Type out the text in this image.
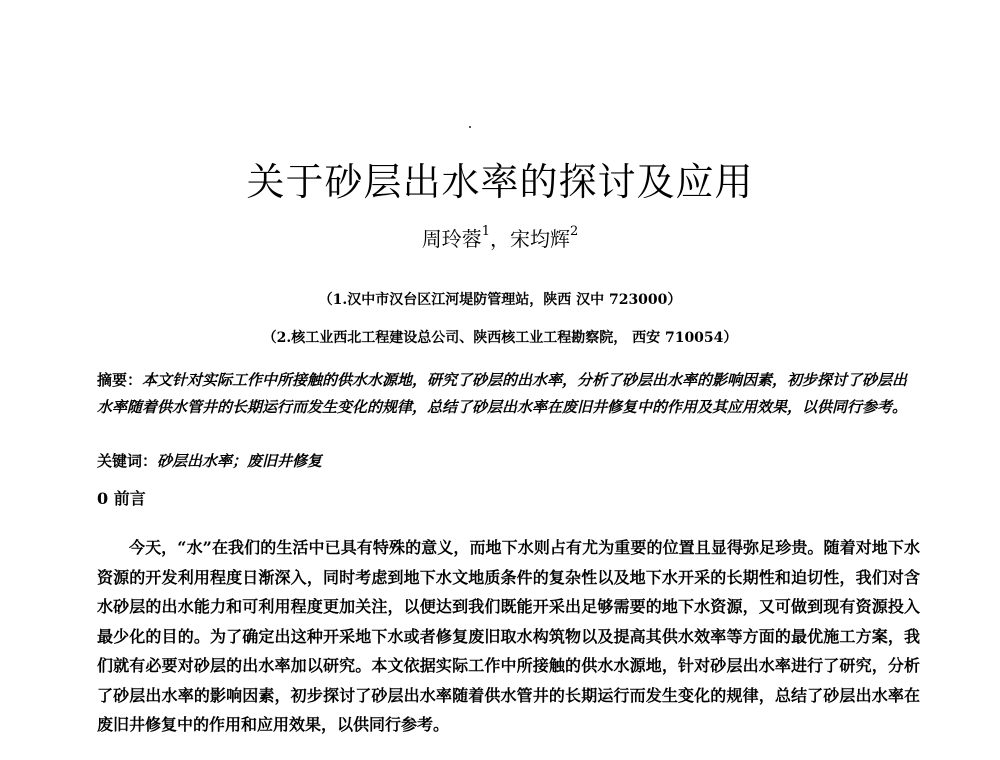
关于砂层出水率的探讨及应用
周玲蓉$^1$，宋均辉$^2$
（1.汉中市汉台区江河堤防管理站，陕西 汉中 723000）
（2.核工业西北工程建设总公司、陕西核工业工程勘察院， 西安 710054）
摘要：本文针对实际工作中所接触的供水水源地，研究了砂层的出水率，分析了砂层出水率的影响因素，初步探讨了砂层出水率随着供水管井的长期运行而发生变化的规律，总结了砂层出水率在废旧井修复中的作用及其应用效果，以供同行参考。
关键词：砂层出水率；废旧井修复
0 前言

今天，“水”在我们的生活中已具有特殊的意义，而地下水则占有尤为重要的位置且显得弥足珍贵。随着对地下水资源的开发利用程度日渐深入，同时考虑到地下水文地质条件的复杂性以及地下水开采的长期性和迫切性，我们对含水砂层的出水能力和可利用程度更加关注，以便达到我们既能开采出足够需要的地下水资源，又可做到现有资源投入最少化的目的。为了确定出这种开采地下水或者修复废旧取水构筑物以及提高其供水效率等方面的最优施工方案，我们就有必要对砂层的出水率加以研究。本文依据实际工作中所接触的供水水源地，针对砂层出水率进行了研究，分析了砂层出水率的影响因素，初步探讨了砂层出水率随着供水管井的长期运行而发生变化的规律，总结了砂层出水率在废旧井修复中的作用和应用效果，以供同行参考。
